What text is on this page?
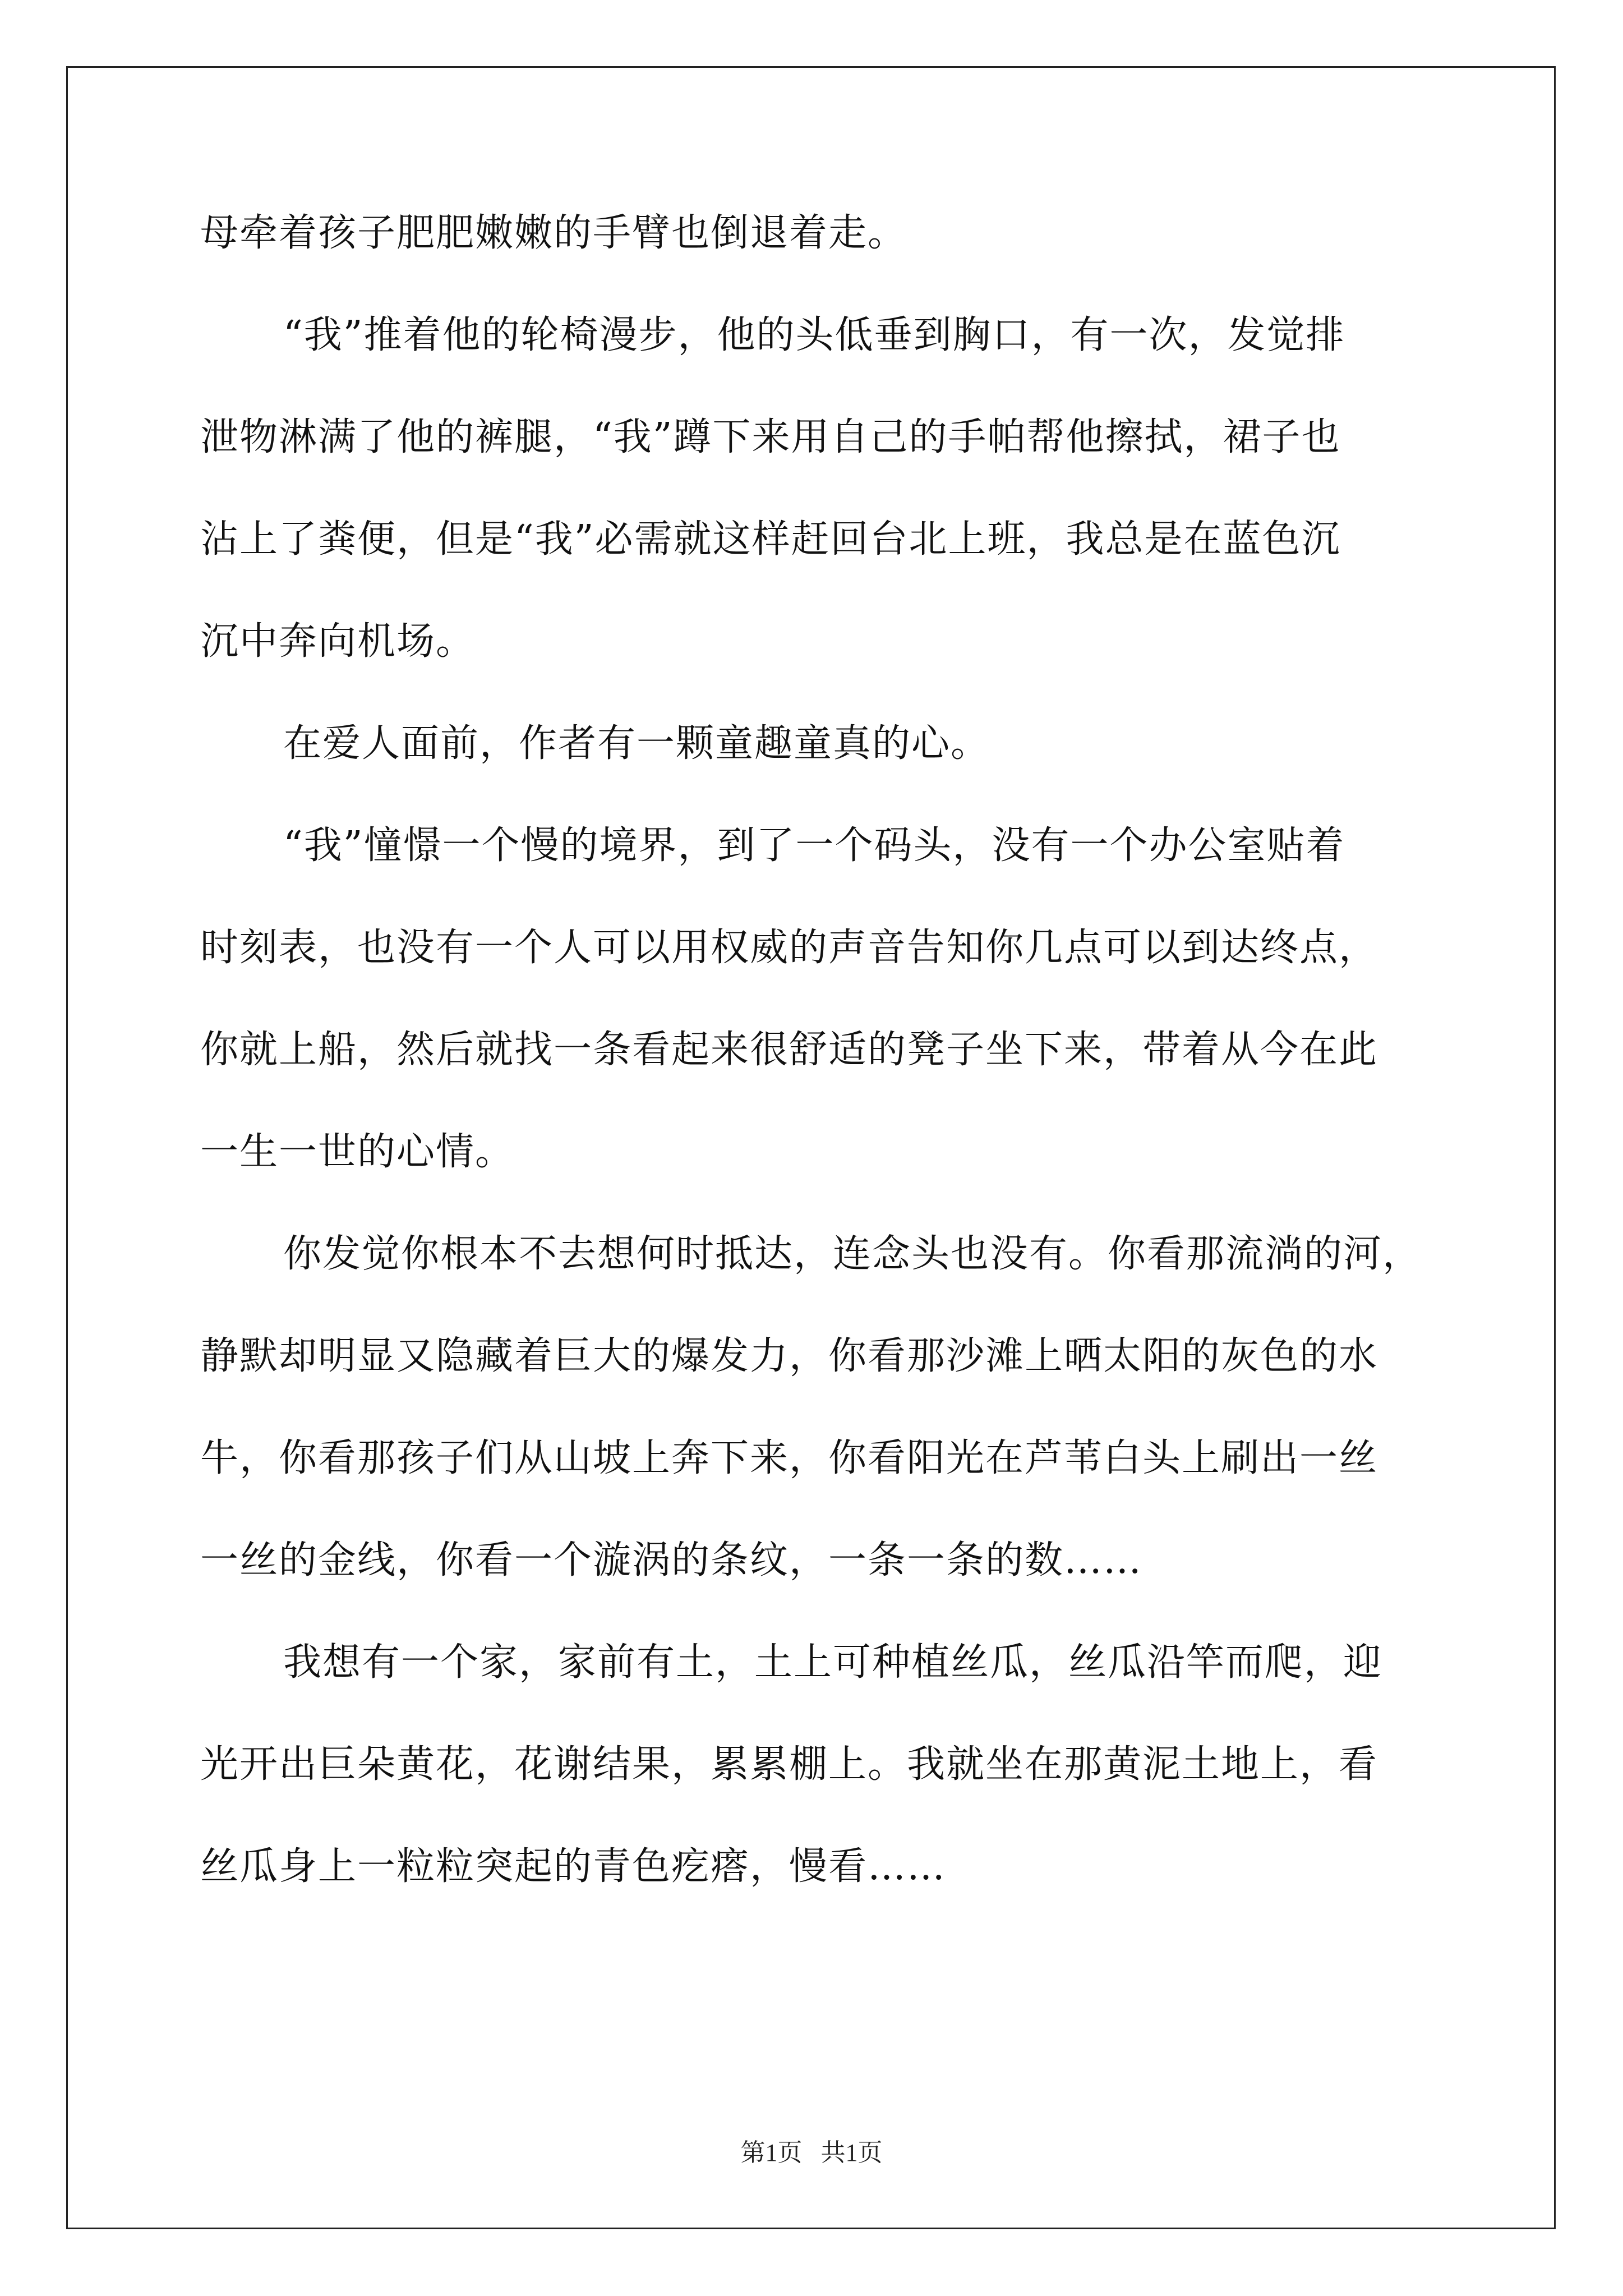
母牵着孩子肥肥嫩嫩的手臂也倒退着走。
“我”推着他的轮椅漫步，他的头低垂到胸口，有一次，发觉排
泄物淋满了他的裤腿，“我”蹲下来用自己的手帕帮他擦拭，裙子也
沾上了粪便，但是“我”必需就这样赶回台北上班，我总是在蓝色沉
沉中奔向机场。
在爱人面前，作者有一颗童趣童真的心。
“我”憧憬一个慢的境界，到了一个码头，没有一个办公室贴着
时刻表，也没有一个人可以用权威的声音告知你几点可以到达终点，
你就上船，然后就找一条看起来很舒适的凳子坐下来，带着从今在此
一生一世的心情。
你发觉你根本不去想何时抵达，连念头也没有。你看那流淌的河，
静默却明显又隐藏着巨大的爆发力，你看那沙滩上晒太阳的灰色的水
牛，你看那孩子们从山坡上奔下来，你看阳光在芦苇白头上刷出一丝
一丝的金线，你看一个漩涡的条纹，一条一条的数……
我想有一个家，家前有土，土上可种植丝瓜，丝瓜沿竿而爬，迎
光开出巨朵黄花，花谢结果，累累棚上。我就坐在那黄泥土地上，看
丝瓜身上一粒粒突起的青色疙瘩，慢看……
第1页 共1页
